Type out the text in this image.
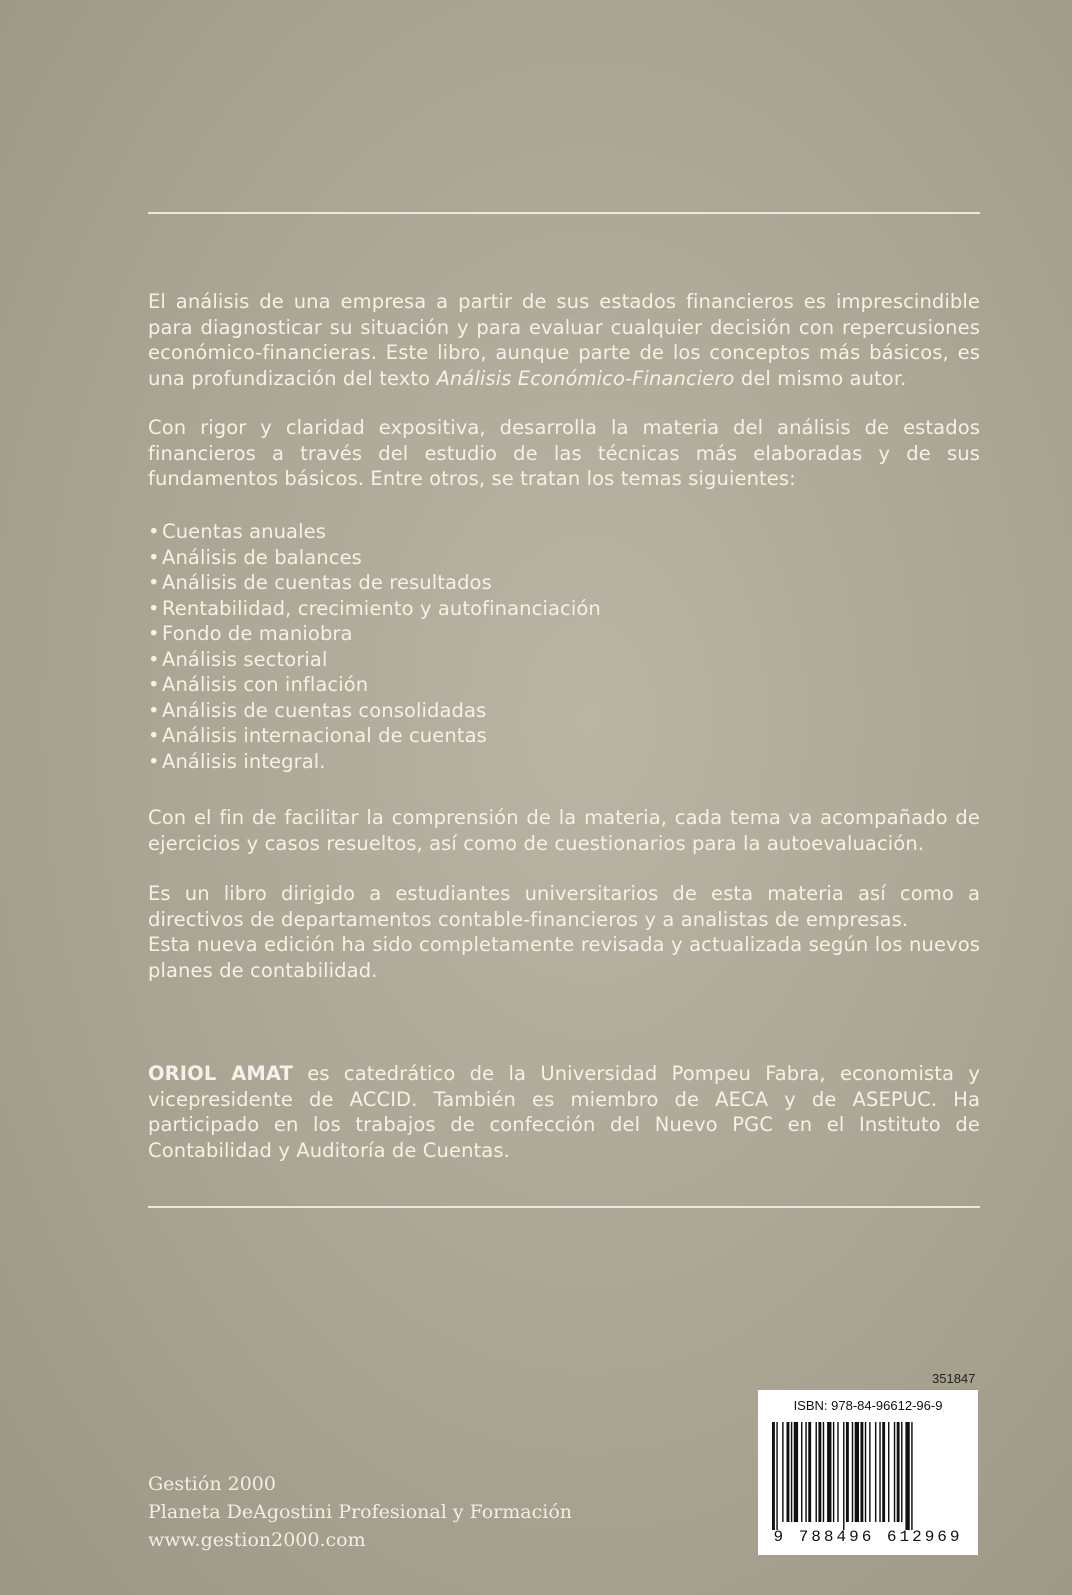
El análisis de una empresa a partir de sus estados financieros es imprescindible para diagnosticar su situación y para evaluar cualquier decisión con repercusiones económico-financieras. Este libro, aunque parte de los conceptos más básicos, es una profundización del texto Análisis Económico-Financiero del mismo autor.

Con rigor y claridad expositiva, desarrolla la materia del análisis de estados financieros a través del estudio de las técnicas más elaboradas y de sus fundamentos básicos. Entre otros, se tratan los temas siguientes:
• Cuentas anuales
• Análisis de balances
• Análisis de cuentas de resultados
• Rentabilidad, crecimiento y autofinanciación
• Fondo de maniobra
• Análisis sectorial
• Análisis con inflación
• Análisis de cuentas consolidadas
• Análisis internacional de cuentas
• Análisis integral.
Con el fin de facilitar la comprensión de la materia, cada tema va acompañado de ejercicios y casos resueltos, así como de cuestionarios para la autoevaluación.

Es un libro dirigido a estudiantes universitarios de esta materia así como a directivos de departamentos contable-financieros y a analistas de empresas.

Esta nueva edición ha sido completamente revisada y actualizada según los nuevos planes de contabilidad.

ORIOL AMAT es catedrático de la Universidad Pompeu Fabra, economista y vicepresidente de ACCID. También es miembro de AECA y de ASEPUC. Ha participado en los trabajos de confección del Nuevo PGC en el Instituto de Contabilidad y Auditoría de Cuentas.

Gestión 2000
Planeta DeAgostini Profesional y Formación
www.gestion2000.com
351847
ISBN: 978-84-96612-96-9
9 788496 612969
